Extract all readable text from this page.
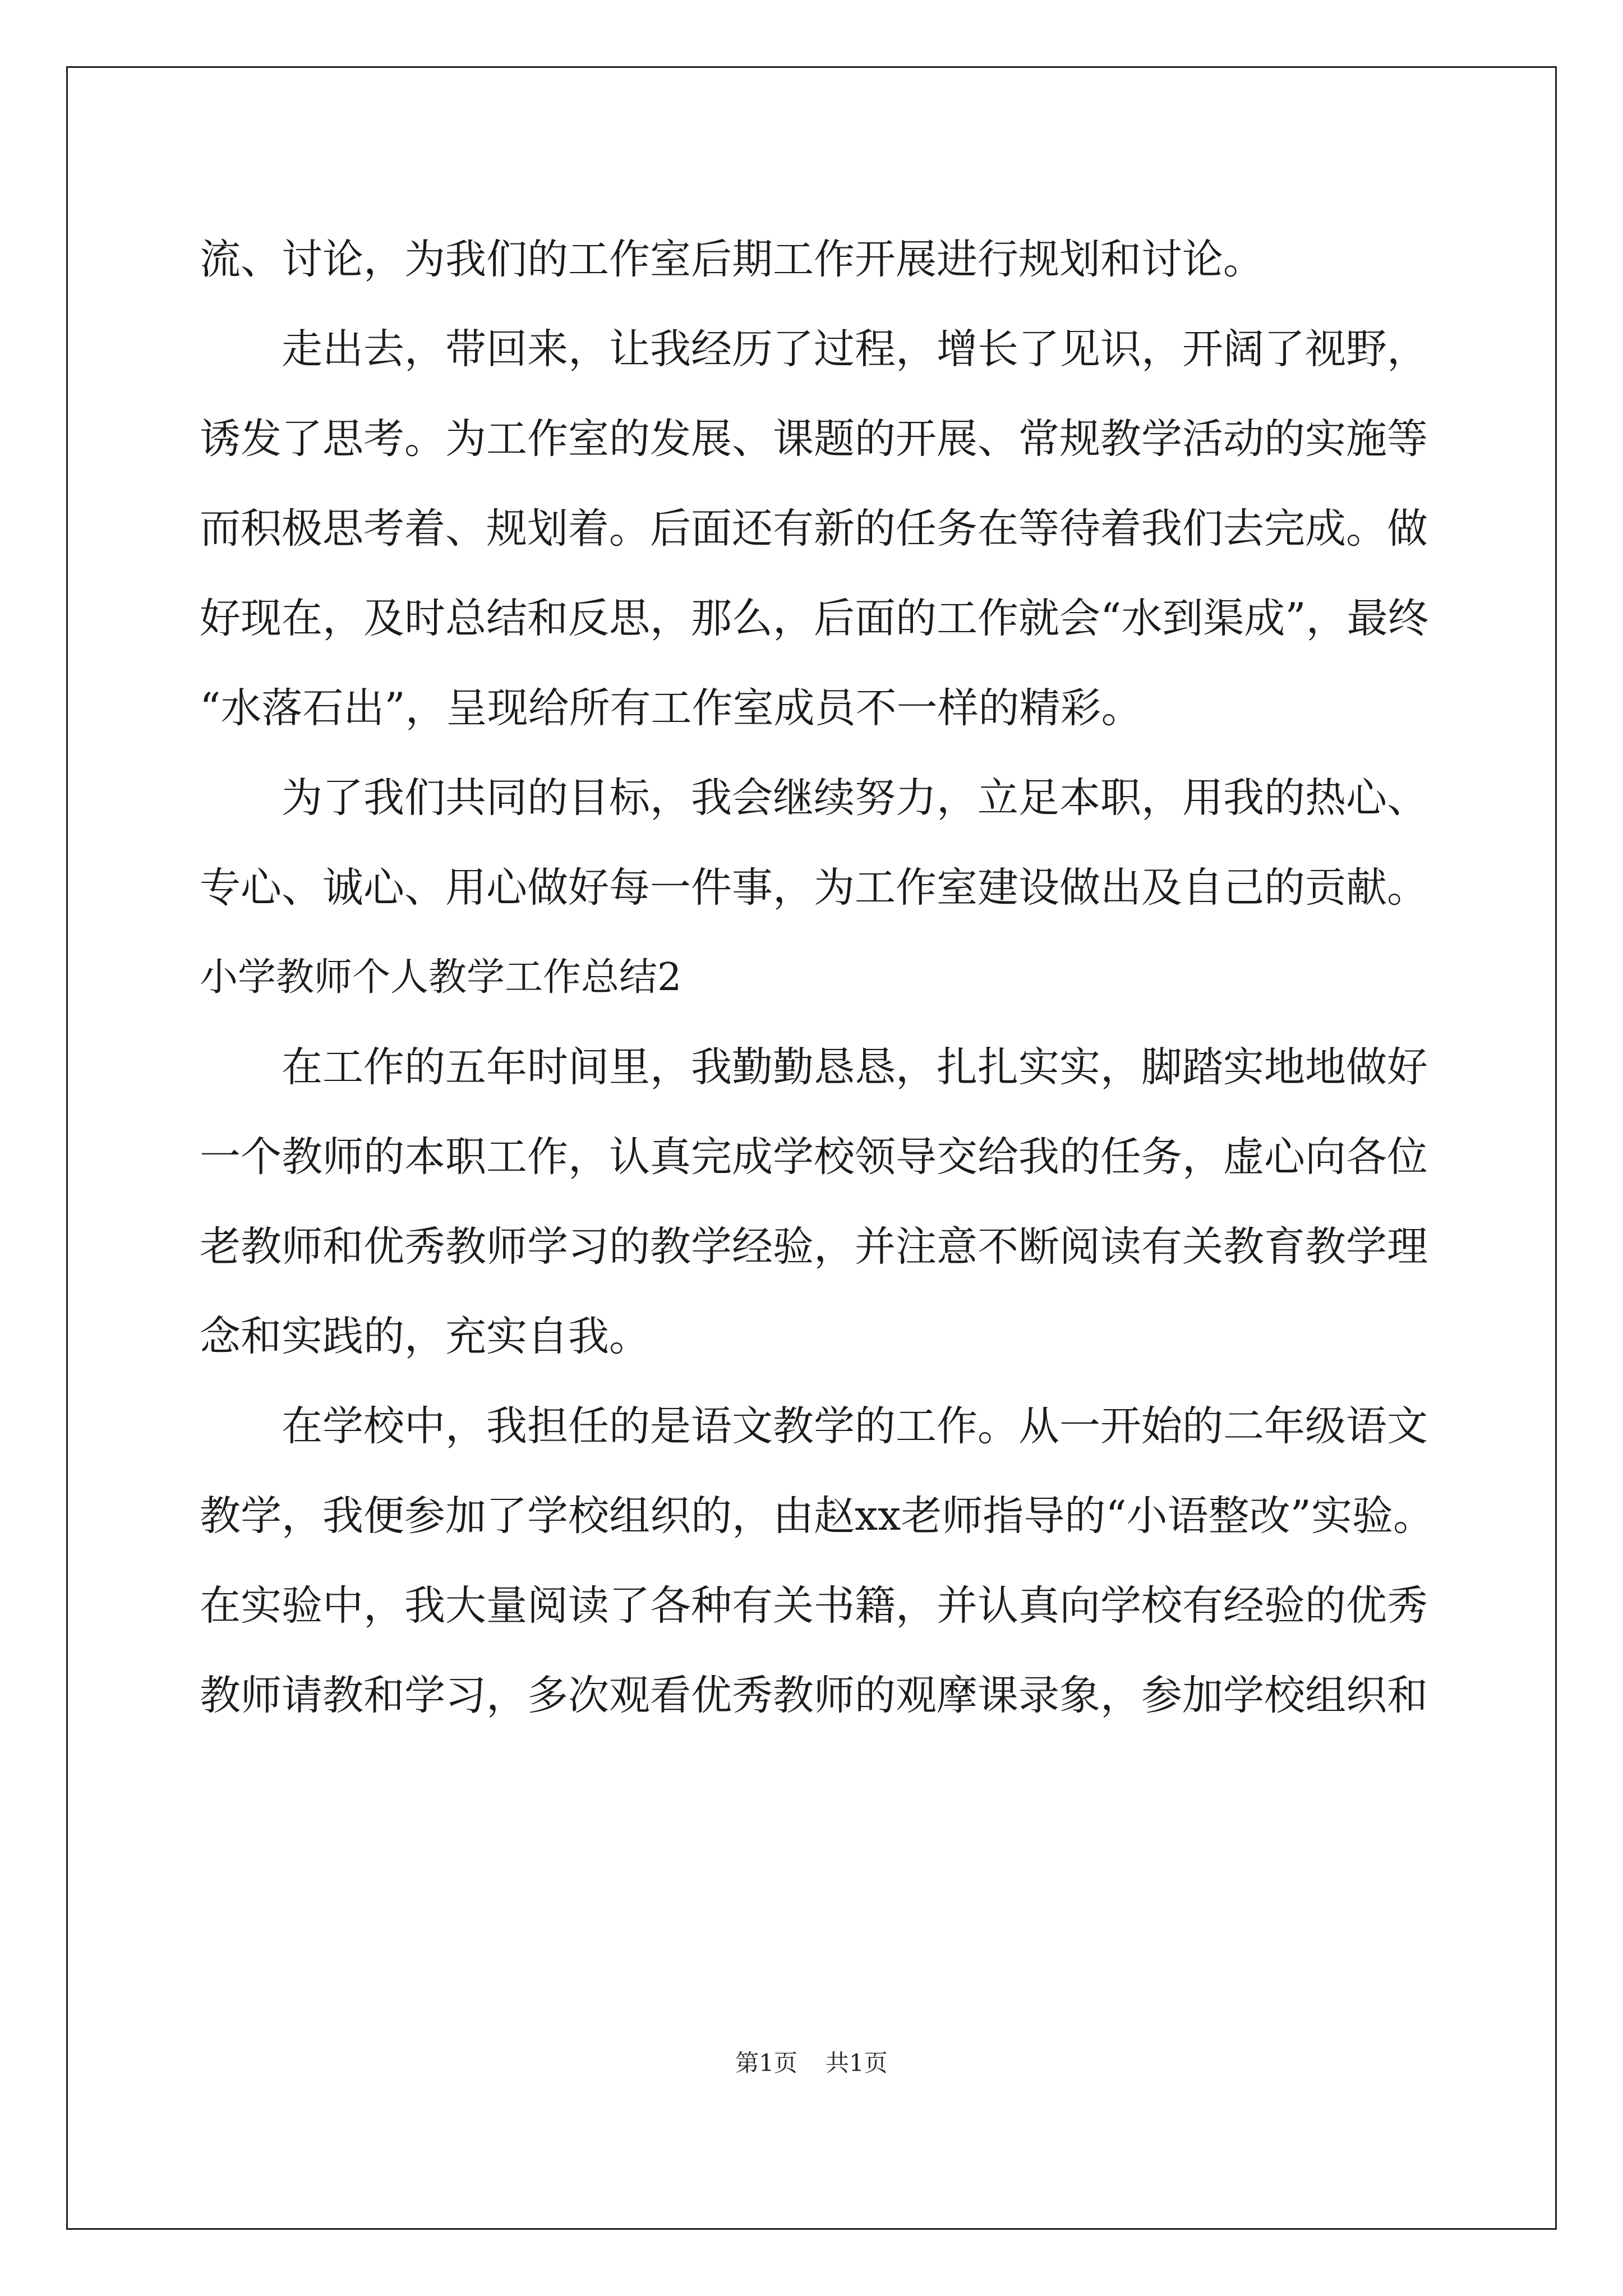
流、讨论，为我们的工作室后期工作开展进行规划和讨论。
走出去，带回来，让我经历了过程，增长了见识，开阔了视野，
诱发了思考。为工作室的发展、课题的开展、常规教学活动的实施等
而积极思考着、规划着。后面还有新的任务在等待着我们去完成。做
好现在，及时总结和反思，那么，后面的工作就会“水到渠成”，最终
“水落石出”，呈现给所有工作室成员不一样的精彩。
为了我们共同的目标，我会继续努力，立足本职，用我的热心、
专心、诚心、用心做好每一件事，为工作室建设做出及自己的贡献。
小学教师个人教学工作总结2
在工作的五年时间里，我勤勤恳恳，扎扎实实，脚踏实地地做好
一个教师的本职工作，认真完成学校领导交给我的任务，虚心向各位
老教师和优秀教师学习的教学经验，并注意不断阅读有关教育教学理
念和实践的，充实自我。
在学校中，我担任的是语文教学的工作。从一开始的二年级语文
教学，我便参加了学校组织的，由赵xx老师指导的“小语整改”实验。
在实验中，我大量阅读了各种有关书籍，并认真向学校有经验的优秀
教师请教和学习，多次观看优秀教师的观摩课录象，参加学校组织和
第1页 共1页
